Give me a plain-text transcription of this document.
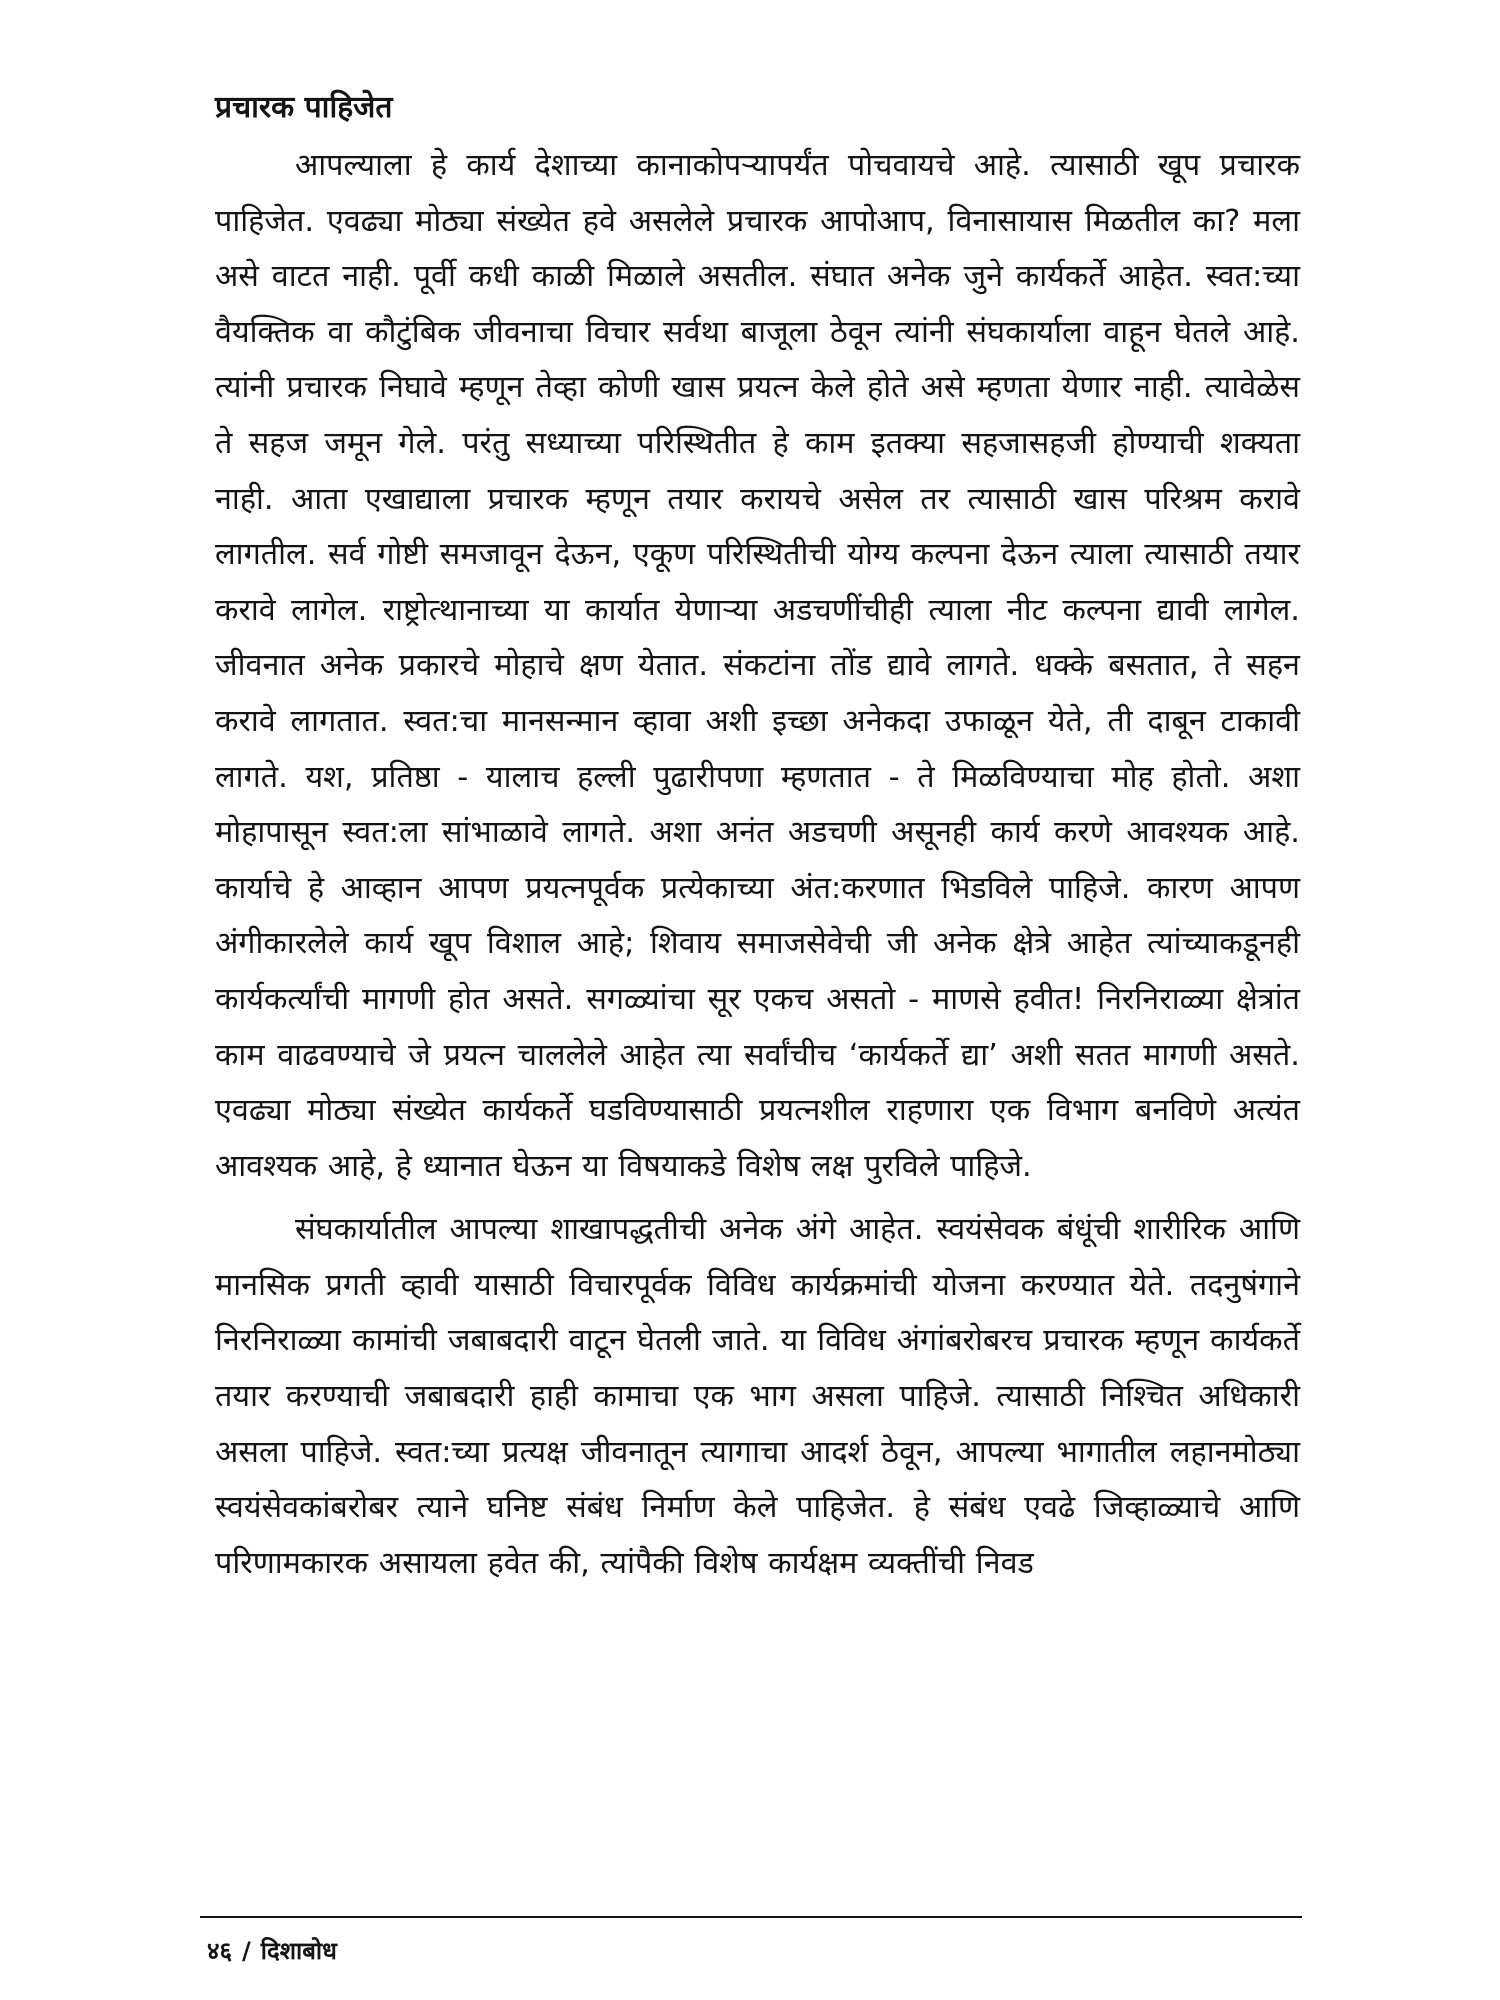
प्रचारक पाहिजेत

आपल्याला हे कार्य देशाच्या कानाकोपऱ्यापर्यंत पोचवायचे आहे. त्यासाठी खूप प्रचारक पाहिजेत. एवढ्या मोठ्या संख्येत हवे असलेले प्रचारक आपोआप, विनासायास मिळतील का? मला असे वाटत नाही. पूर्वी कधी काळी मिळाले असतील. संघात अनेक जुने कार्यकर्ते आहेत. स्वत:च्या वैयक्तिक वा कौटुंबिक जीवनाचा विचार सर्वथा बाजूला ठेवून त्यांनी संघकार्याला वाहून घेतले आहे. त्यांनी प्रचारक निघावे म्हणून तेव्हा कोणी खास प्रयत्न केले होते असे म्हणता येणार नाही. त्यावेळेस ते सहज जमून गेले. परंतु सध्याच्या परिस्थितीत हे काम इतक्या सहजासहजी होण्याची शक्यता नाही. आता एखाद्याला प्रचारक म्हणून तयार करायचे असेल तर त्यासाठी खास परिश्रम करावे लागतील. सर्व गोष्टी समजावून देऊन, एकूण परिस्थितीची योग्य कल्पना देऊन त्याला त्यासाठी तयार करावे लागेल. राष्ट्रोत्थानाच्या या कार्यात येणाऱ्या अडचणींचीही त्याला नीट कल्पना द्यावी लागेल. जीवनात अनेक प्रकारचे मोहाचे क्षण येतात. संकटांना तोंड द्यावे लागते. धक्के बसतात, ते सहन करावे लागतात. स्वत:चा मानसन्मान व्हावा अशी इच्छा अनेकदा उफाळून येते, ती दाबून टाकावी लागते. यश, प्रतिष्ठा - यालाच हल्ली पुढारीपणा म्हणतात - ते मिळविण्याचा मोह होतो. अशा मोहापासून स्वत:ला सांभाळावे लागते. अशा अनंत अडचणी असूनही कार्य करणे आवश्यक आहे. कार्याचे हे आव्हान आपण प्रयत्नपूर्वक प्रत्येकाच्या अंत:करणात भिडविले पाहिजे. कारण आपण अंगीकारलेले कार्य खूप विशाल आहे; शिवाय समाजसेवेची जी अनेक क्षेत्रे आहेत त्यांच्याकडूनही कार्यकर्त्यांची मागणी होत असते. सगळ्यांचा सूर एकच असतो - माणसे हवीत! निरनिराळ्या क्षेत्रांत काम वाढवण्याचे जे प्रयत्न चाललेले आहेत त्या सर्वांचीच ‘कार्यकर्ते द्या’ अशी सतत मागणी असते. एवढ्या मोठ्या संख्येत कार्यकर्ते घडविण्यासाठी प्रयत्नशील राहणारा एक विभाग बनविणे अत्यंत आवश्यक आहे, हे ध्यानात घेऊन या विषयाकडे विशेष लक्ष पुरविले पाहिजे.

संघकार्यातील आपल्या शाखापद्धतीची अनेक अंगे आहेत. स्वयंसेवक बंधूंची शारीरिक आणि मानसिक प्रगती व्हावी यासाठी विचारपूर्वक विविध कार्यक्रमांची योजना करण्यात येते. तदनुषंगाने निरनिराळ्या कामांची जबाबदारी वाटून घेतली जाते. या विविध अंगांबरोबरच प्रचारक म्हणून कार्यकर्ते तयार करण्याची जबाबदारी हाही कामाचा एक भाग असला पाहिजे. त्यासाठी निश्चित अधिकारी असला पाहिजे. स्वत:च्या प्रत्यक्ष जीवनातून त्यागाचा आदर्श ठेवून, आपल्या भागातील लहानमोठ्या स्वयंसेवकांबरोबर त्याने घनिष्ट संबंध निर्माण केले पाहिजेत. हे संबंध एवढे जिव्हाळ्याचे आणि परिणामकारक असायला हवेत की, त्यांपैकी विशेष कार्यक्षम व्यक्तींची निवड

४६ / दिशाबोध
